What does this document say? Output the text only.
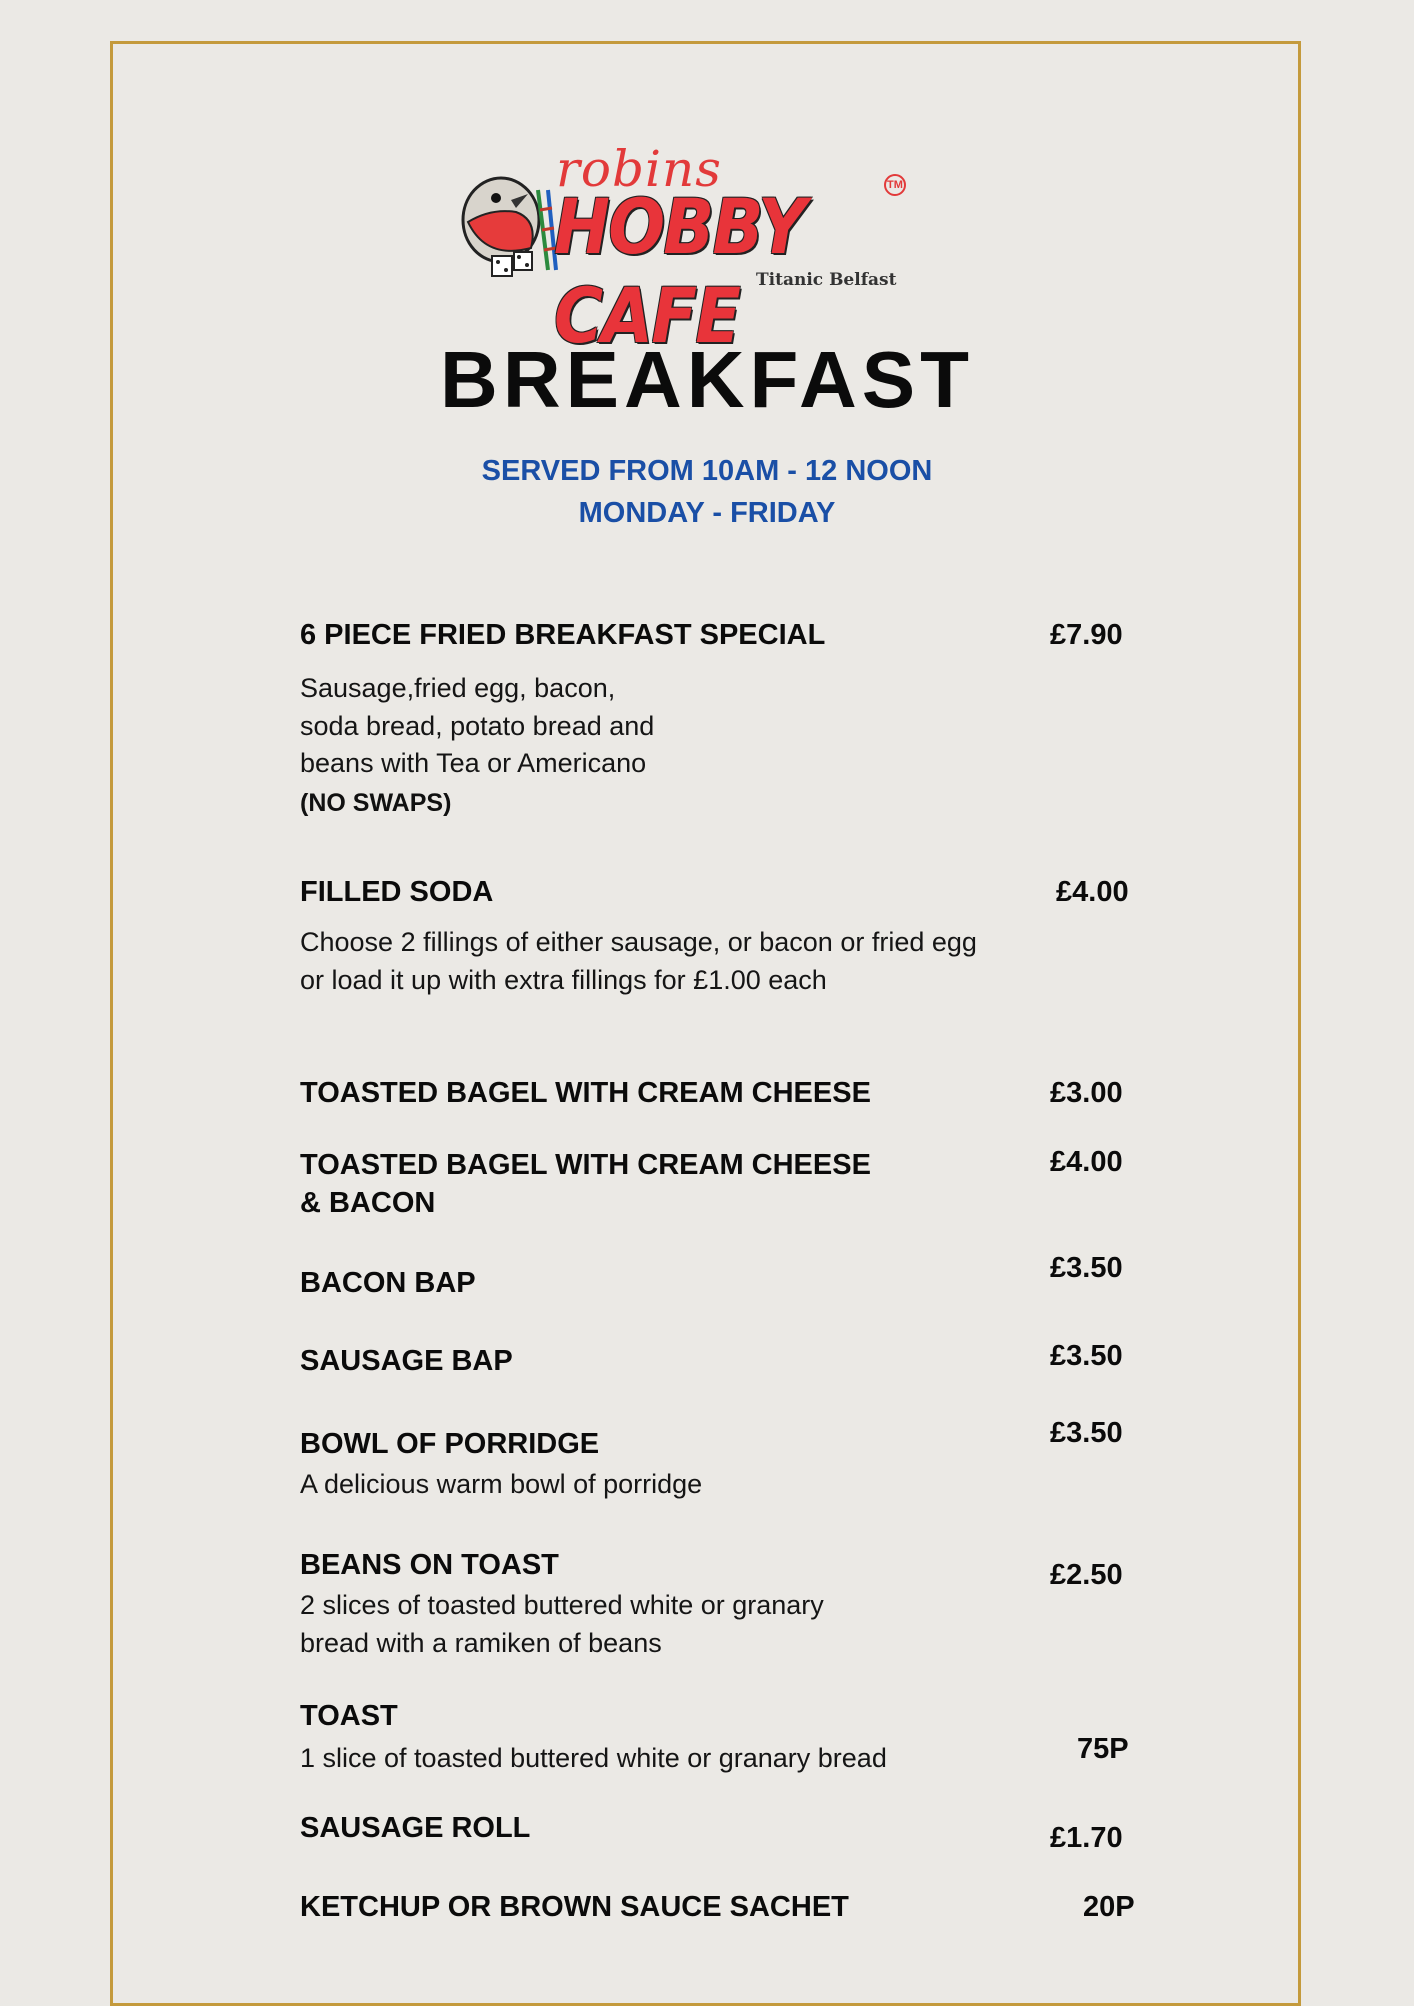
robins
HOBBY CAFE
TM
Titanic Belfast
BREAKFAST
SERVED FROM 10AM - 12 NOON
MONDAY - FRIDAY
6 PIECE FRIED BREAKFAST SPECIAL	£7.90
Sausage,fried egg, bacon,
soda bread, potato bread and
beans with Tea or Americano
(NO SWAPS)
FILLED SODA	£4.00
Choose 2 fillings of either sausage, or bacon or fried egg
or load it up with extra fillings for £1.00 each
TOASTED BAGEL WITH CREAM CHEESE	£3.00
TOASTED BAGEL WITH CREAM CHEESE
& BACON
£4.00
BACON BAP	£3.50
SAUSAGE BAP	£3.50
BOWL OF PORRIDGE	£3.50
A delicious warm bowl of porridge
BEANS ON TOAST	£2.50
2 slices of toasted buttered white or granary
bread with a ramiken of beans
TOAST
75P
1 slice of toasted buttered white or granary bread
SAUSAGE ROLL	£1.70
KETCHUP OR BROWN SAUCE SACHET	20P
